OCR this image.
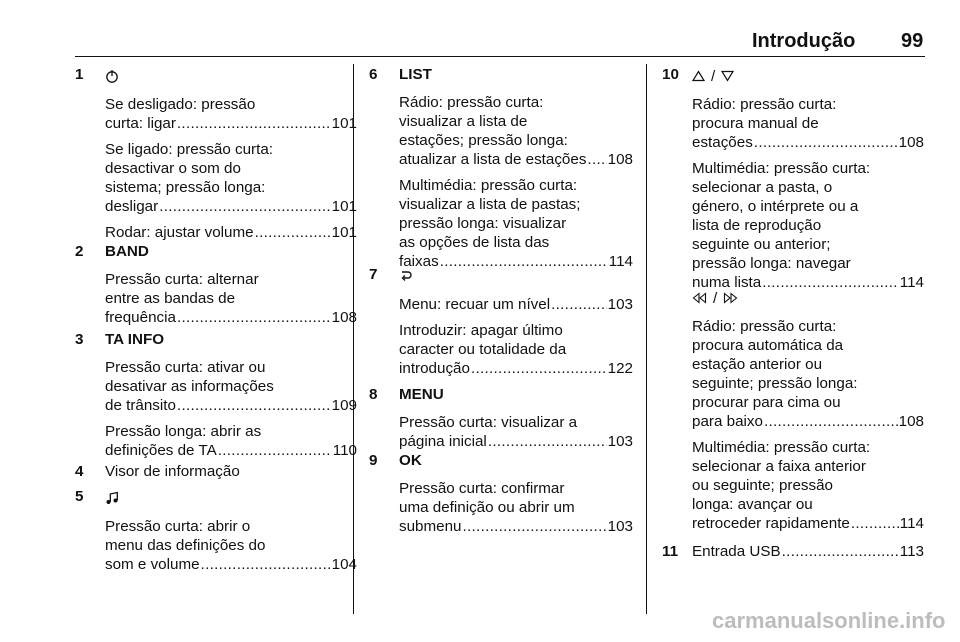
Introdução 99
1
Se desligado: pressão
curta: ligar .....	101
Se ligado: pressão curta:
desactivar o som do
sistema; pressão longa:
desligar .....	101
Rodar: ajustar volume .....	101
2 BAND
Pressão curta: alternar
entre as bandas de
frequência .....	108
3 TA INFO
Pressão curta: ativar ou
desativar as informações
de trânsito .....	109
Pressão longa: abrir as
definições de TA .....	110
4 Visor de informação
5
Pressão curta: abrir o
menu das definições do
som e volume .....	104
6 LIST
Rádio: pressão curta:
visualizar a lista de
estações; pressão longa:
atualizar a lista de estações ..... 108
Multimédia: pressão curta:
visualizar a lista de pastas;
pressão longa: visualizar
as opções de lista das
faixas .....	114
7
Menu: recuar um nível .....	103
Introduzir: apagar último
caracter ou totalidade da
introdução .....	122
8 MENU
Pressão curta: visualizar a
página inicial .....	103
9 OK
Pressão curta: confirmar
uma definição ou abrir um
submenu .....	103
10 /
Rádio: pressão curta:
procura manual de
estações .....	108
Multimédia: pressão curta:
selecionar a pasta, o
género, o intérprete ou a
lista de reprodução
seguinte ou anterior;
pressão longa: navegar
numa lista .....	114
/
Rádio: pressão curta:
procura automática da
estação anterior ou
seguinte; pressão longa:
procurar para cima ou
para baixo .....	108
Multimédia: pressão curta:
selecionar a faixa anterior
ou seguinte; pressão
longa: avançar ou
retroceder rapidamente .....	114
11 Entrada USB .....	113
carmanualsonline.info
